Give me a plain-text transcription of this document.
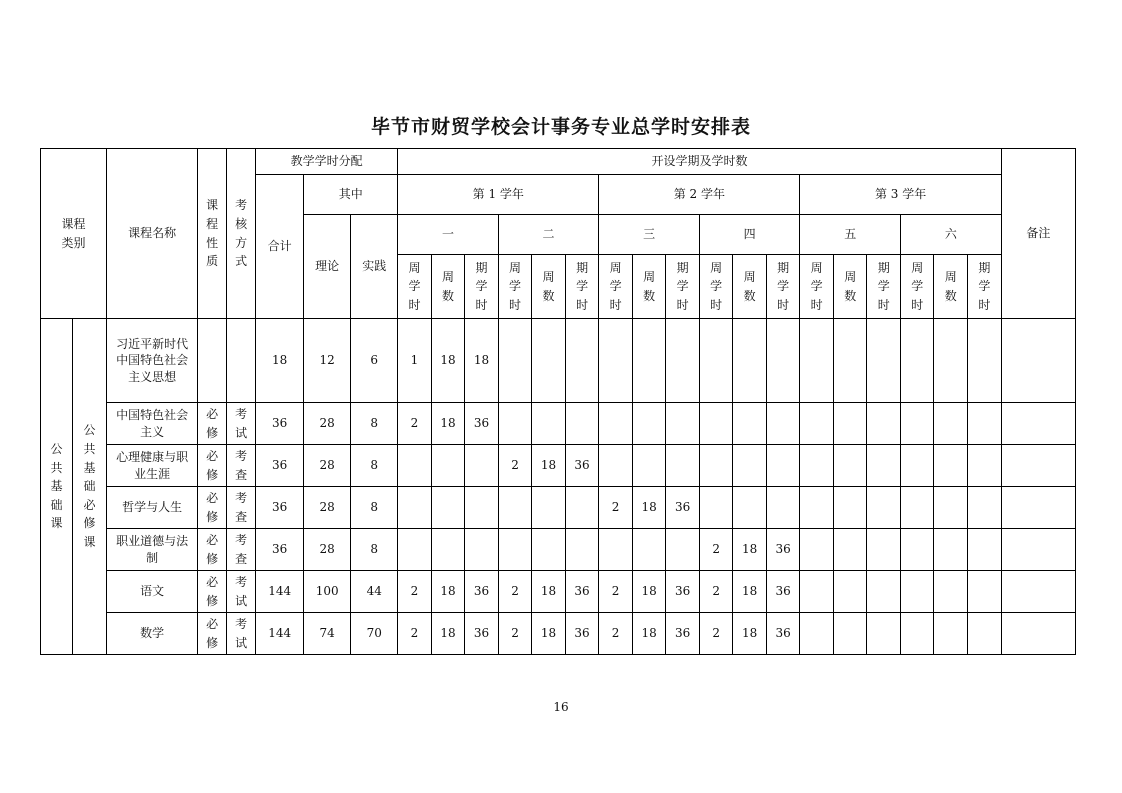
毕节市财贸学校会计事务专业总学时安排表
课程类别		课程名称	课程性质	考核方式	教学学时分配			开设学期及学时数																		备注
					合计	其中		第 1 学年						第 2 学年						第 3 学年						
						理论	实践	一			二			三			四			五			六			
								周学时	周数	期学时	周学时	周数	期学时	周学时	周数	期学时	周学时	周数	期学时	周学时	周数	期学时	周学时	周数	期学时	
公共基础课	公共基础必修课	习近平新时代中国特色社会主义思想			18	12	6	1	18	18																
		中国特色社会主义	必修	考试	36	28	8	2	18	36																
		心理健康与职业生涯	必修	考查	36	28	8				2	18	36													
		哲学与人生	必修	考查	36	28	8							2	18	36										
		职业道德与法制	必修	考查	36	28	8										2	18	36							
		语文	必修	考试	144	100	44	2	18	36	2	18	36	2	18	36	2	18	36							
		数学	必修	考试	144	74	70	2	18	36	2	18	36	2	18	36	2	18	36							
16
